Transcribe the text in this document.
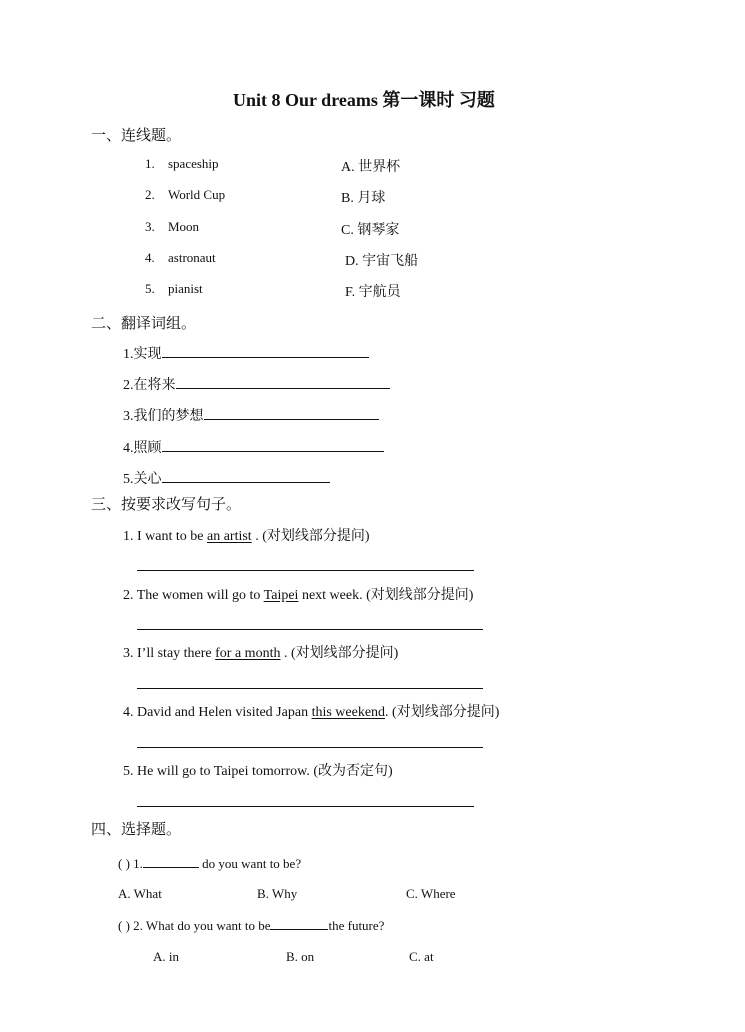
Unit 8 Our dreams 第一课时 习题
一、连线题。
1. spaceship	A. 世界杯
2. World Cup	B. 月球
3. Moon	C. 钢琴家
4. astronaut	D. 宇宙飞船
5. pianist	F. 宇航员
二、翻译词组。
1.实现
2.在将来
3.我们的梦想
4.照顾
5.关心
三、按要求改写句子。
1. I want to be an artist . (对划线部分提问)
2. The women will go to Taipei next week. (对划线部分提问)
3. I’ll stay there for a month . (对划线部分提问)
4. David and Helen visited Japan this weekend. (对划线部分提问)
5. He will go to Taipei tomorrow. (改为否定句)
四、选择题。
( ) 1.	do you want to be?
A. What	B. Why	C. Where
( ) 2. What do you want to be	the future?
A. in	B. on	C. at
